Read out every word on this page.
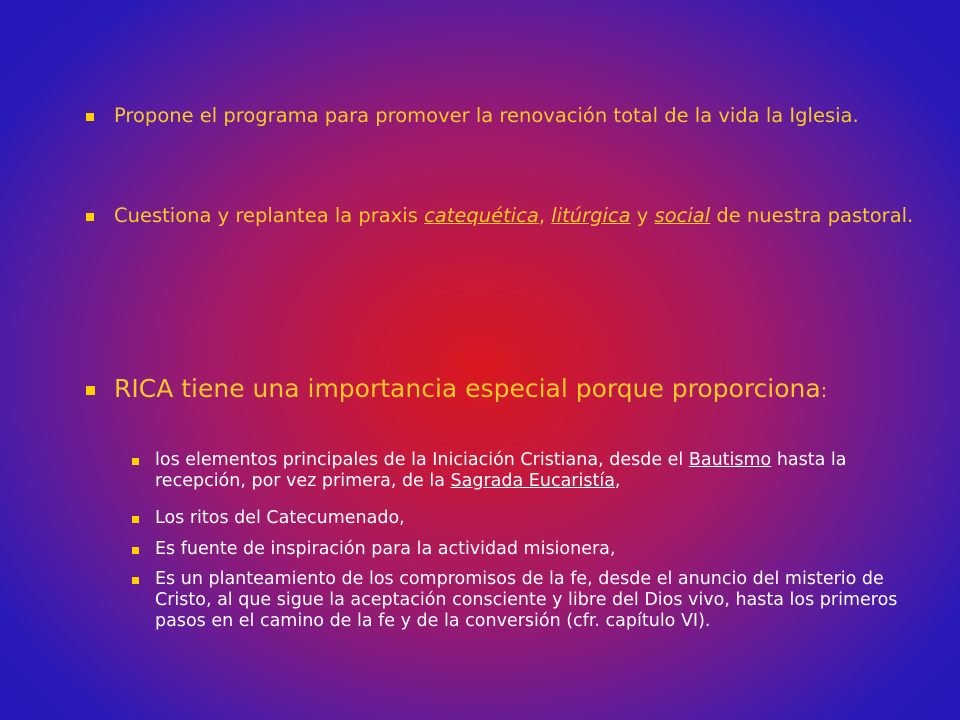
Propone el programa para promover la renovación total de la vida la Iglesia.
Cuestiona y replantea la praxis catequética, litúrgica y social de nuestra pastoral.
RICA tiene una importancia especial porque proporciona:
los elementos principales de la Iniciación Cristiana, desde el Bautismo hasta la recepción, por vez primera, de la Sagrada Eucaristía,
Los ritos del Catecumenado,
Es fuente de inspiración para la actividad misionera,
Es un planteamiento de los compromisos de la fe, desde el anuncio del misterio de Cristo, al que sigue la aceptación consciente y libre del Dios vivo, hasta los primeros pasos en el camino de la fe y de la conversión (cfr. capítulo VI).
